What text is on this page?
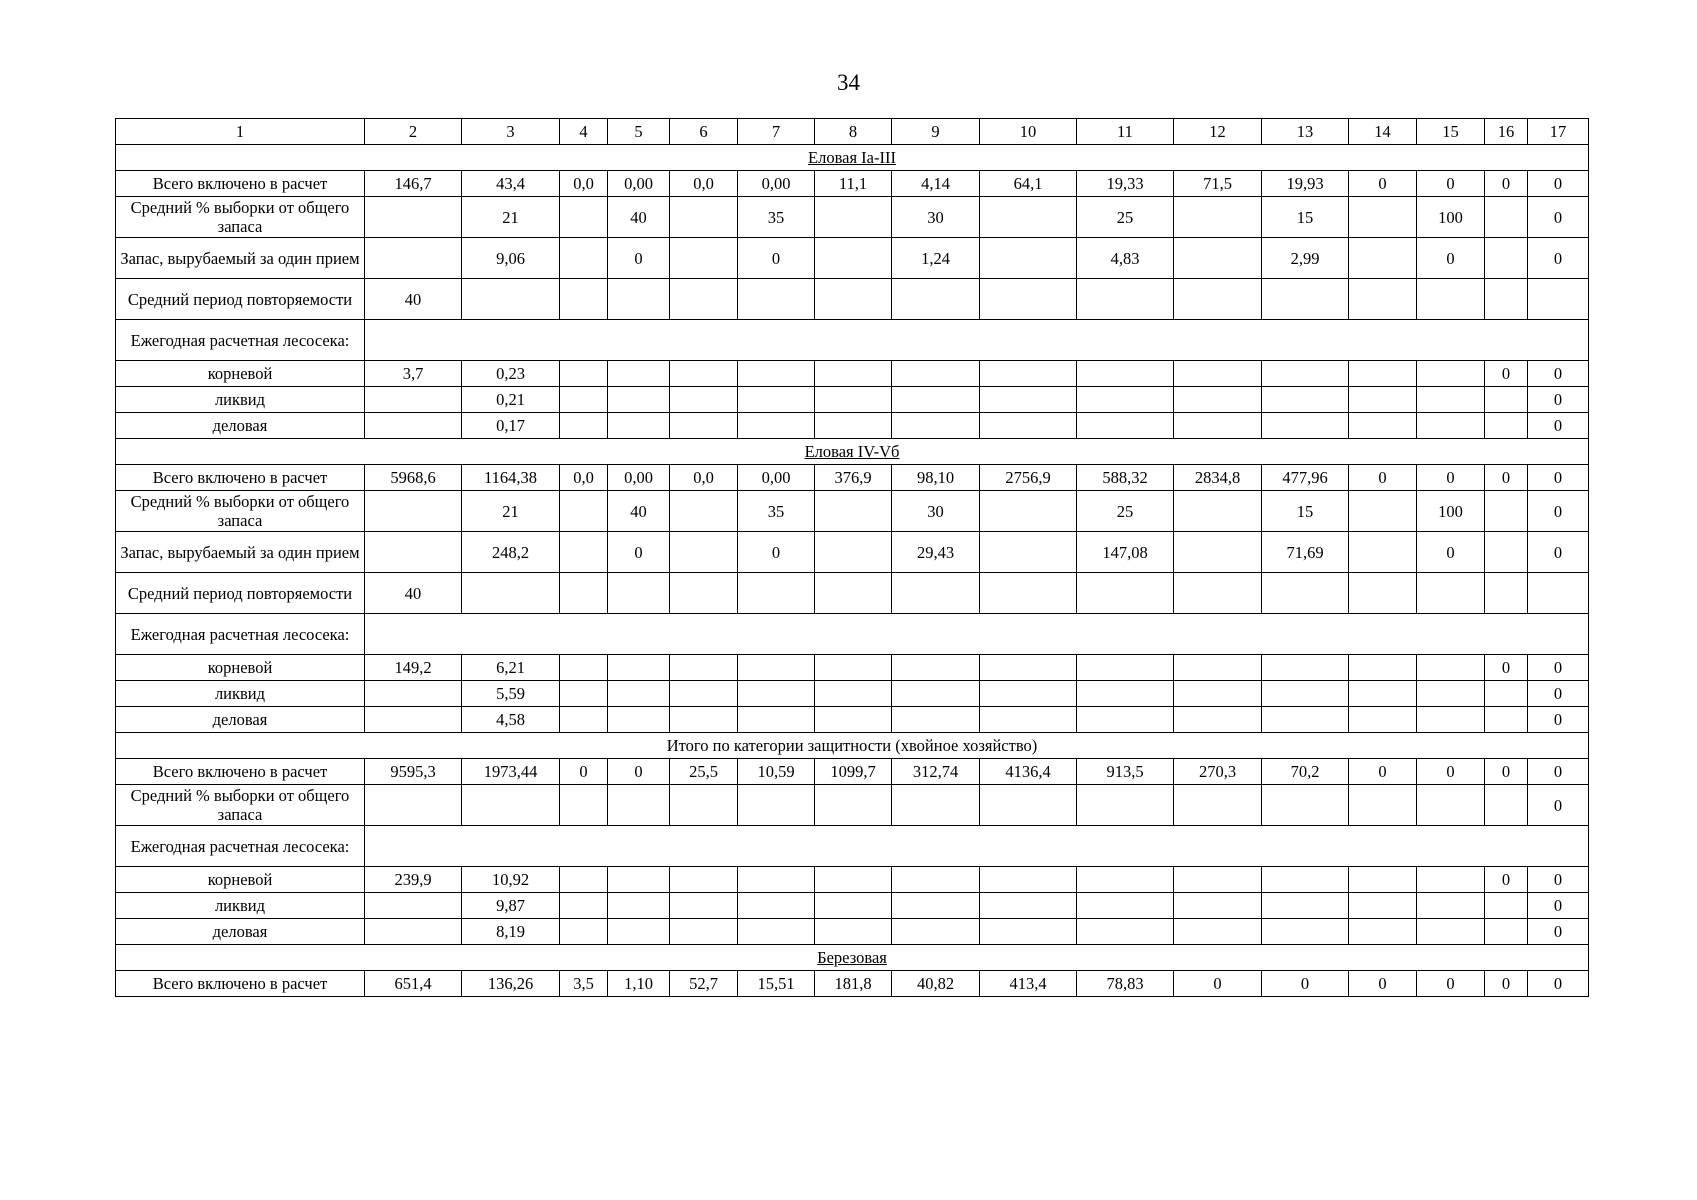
34
1	2	3	4	5	6	7	8	9	10	11	12	13	14	15	16	17
Еловая Ia-III																
Всего включено в расчет	146,7	43,4	0,0	0,00	0,0	0,00	11,1	4,14	64,1	19,33	71,5	19,93	0	0	0	0
Средний % выборки от общего запаса		21		40		35		30		25		15		100		0
Запас, вырубаемый за один прием		9,06		0		0		1,24		4,83		2,99		0		0
Средний период повторяемости	40															
Ежегодная расчетная лесосека:																
корневой	3,7	0,23													0	0
ликвид		0,21														0
деловая		0,17														0
Еловая IV-Vб																
Всего включено в расчет	5968,6	1164,38	0,0	0,00	0,0	0,00	376,9	98,10	2756,9	588,32	2834,8	477,96	0	0	0	0
Средний % выборки от общего запаса		21		40		35		30		25		15		100		0
Запас, вырубаемый за один прием		248,2		0		0		29,43		147,08		71,69		0		0
Средний период повторяемости	40															
Ежегодная расчетная лесосека:																
корневой	149,2	6,21													0	0
ликвид		5,59														0
деловая		4,58														0
Итого по категории защитности (хвойное хозяйство)																
Всего включено в расчет	9595,3	1973,44	0	0	25,5	10,59	1099,7	312,74	4136,4	913,5	270,3	70,2	0	0	0	0
Средний % выборки от общего запаса																0
Ежегодная расчетная лесосека:																
корневой	239,9	10,92													0	0
ликвид		9,87														0
деловая		8,19														0
Березовая																
Всего включено в расчет	651,4	136,26	3,5	1,10	52,7	15,51	181,8	40,82	413,4	78,83	0	0	0	0	0	0
